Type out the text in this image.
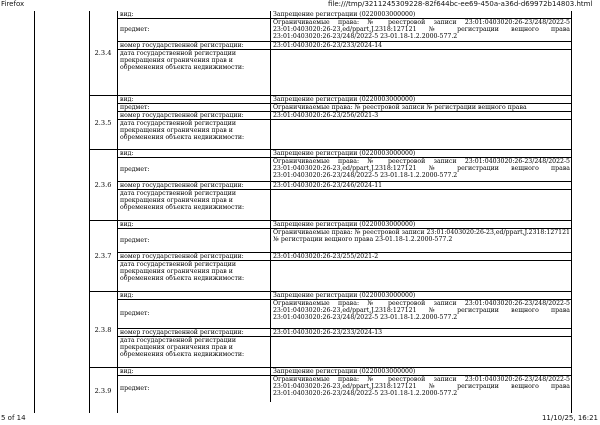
Firefox	file:///tmp/3211245309228-82f644bc-ee69-450a-a36d-d69972b14803.html
2.3.4
вид:	Запрещение регистрации (0220003000000)
предмет:
Ограничиваемые права: № реестровой записи 23:01:0403020:26-23/248/2022-5 23:01:0403020:26-23,ed/ppart,J.2318:127121 № регистрации вещного права 23:01:0403020:26-23/248/2022-5 23-01.18-1.2.2000-577.2
номер государственной регистрации:	23:01:0403020:26-23/233/2024-14
дата государственной регистрации прекращения ограничения прав и обременения объекта недвижимости:
2.3.5
вид:	Запрещение регистрации (0220003000000)
предмет:	Ограничиваемые права: № реестровой записи № регистрации вещного права
номер государственной регистрации:	23:01:0403020:26-23/256/2021-3
дата государственной регистрации прекращения ограничения прав и обременения объекта недвижимости:
2.3.6
вид:	Запрещение регистрации (0220003000000)
предмет:
Ограничиваемые права: № реестровой записи 23:01:0403020:26-23/248/2022-5 23:01:0403020:26-23,ed/ppart,J.2318:127121 № регистрации вещного права 23:01:0403020:26-23/248/2022-5 23-01.18-1.2.2000-577.2
номер государственной регистрации:	23:01:0403020:26-23/246/2024-11
дата государственной регистрации прекращения ограничения прав и обременения объекта недвижимости:
2.3.7
вид:	Запрещение регистрации (0220003000000)
предмет:
Ограничиваемые права: № реестровой записи 23:01:0403020:26-23,ed/ppart,J.2318:127121 № регистрации вещного права 23-01.18-1.2.2000-577.2
номер государственной регистрации:	23:01:0403020:26-23/255/2021-2
дата государственной регистрации прекращения ограничения прав и обременения объекта недвижимости:
2.3.8
вид:	Запрещение регистрации (0220003000000)
предмет:
Ограничиваемые права: № реестровой записи 23:01:0403020:26-23/248/2022-5 23:01:0403020:26-23,ed/ppart,J.2318:127121 № регистрации вещного права 23:01:0403020:26-23/248/2022-5 23-01.18-1.2.2000-577.2
номер государственной регистрации:	23:01:0403020:26-23/233/2024-13
дата государственной регистрации прекращения ограничения прав и обременения объекта недвижимости:
2.3.9
вид:	Запрещение регистрации (0220003000000)
предмет:
Ограничиваемые права: № реестровой записи 23:01:0403020:26-23/248/2022-5 23:01:0403020:26-23,ed/ppart,J.2318:127121 № регистрации вещного права 23:01:0403020:26-23/248/2022-5 23-01.18-1.2.2000-577.2
5 of 14	11/10/25, 16:21
